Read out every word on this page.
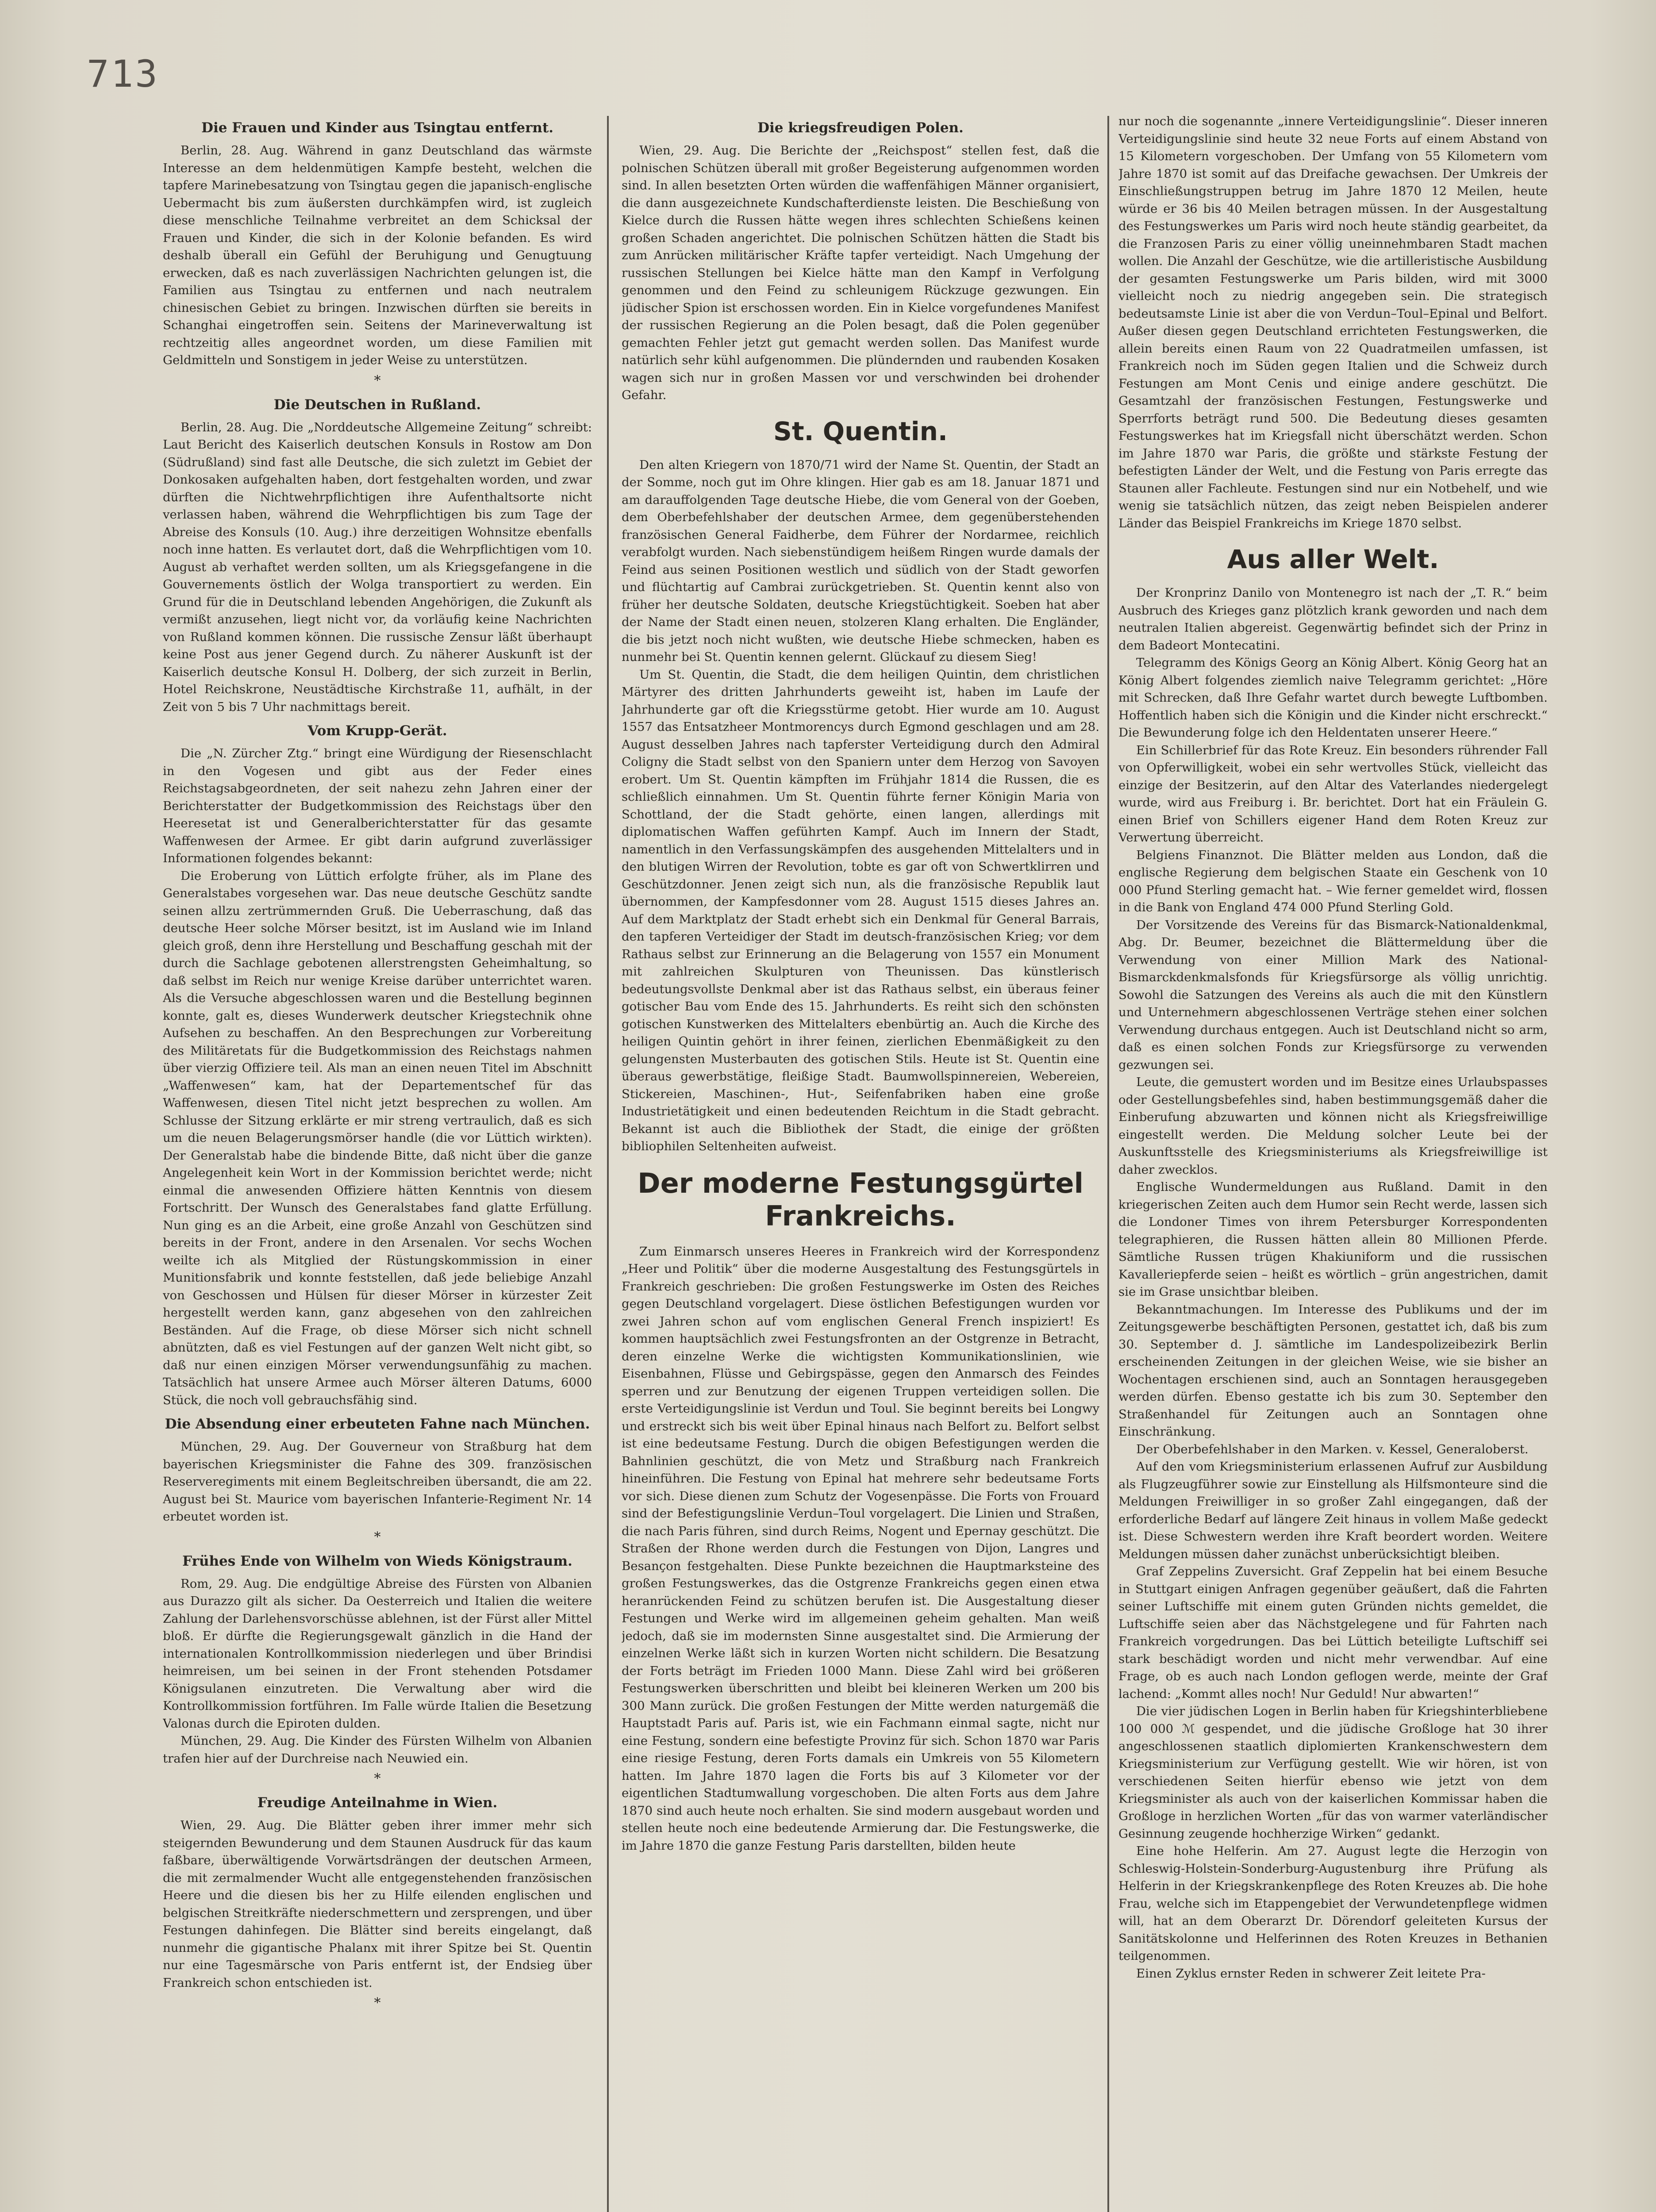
713
Die Frauen und Kinder aus Tsingtau entfernt.

Berlin, 28. Aug. Während in ganz Deutschland das wärmste Interesse an dem heldenmütigen Kampfe besteht, welchen die tapfere Marinebesatzung von Tsingtau gegen die japanisch-englische Uebermacht bis zum äußersten durchkämpfen wird, ist zugleich diese menschliche Teilnahme verbreitet an dem Schicksal der Frauen und Kinder, die sich in der Kolonie befanden. Es wird deshalb überall ein Gefühl der Beruhigung und Genugtuung erwecken, daß es nach zuverlässigen Nachrichten gelungen ist, die Familien aus Tsingtau zu entfernen und nach neutralem chinesischen Gebiet zu bringen. Inzwischen dürften sie bereits in Schanghai eingetroffen sein. Seitens der Marineverwaltung ist rechtzeitig alles angeordnet worden, um diese Familien mit Geldmitteln und Sonstigem in jeder Weise zu unterstützen.

*
Die Deutschen in Rußland.

Berlin, 28. Aug. Die „Norddeutsche Allgemeine Zeitung“ schreibt: Laut Bericht des Kaiserlich deutschen Konsuls in Rostow am Don (Südrußland) sind fast alle Deutsche, die sich zuletzt im Gebiet der Donkosaken aufgehalten haben, dort festgehalten worden, und zwar dürften die Nichtwehrpflichtigen ihre Aufenthaltsorte nicht verlassen haben, während die Wehrpflichtigen bis zum Tage der Abreise des Konsuls (10. Aug.) ihre derzeitigen Wohnsitze ebenfalls noch inne hatten. Es verlautet dort, daß die Wehrpflichtigen vom 10. August ab verhaftet werden sollten, um als Kriegsgefangene in die Gouvernements östlich der Wolga transportiert zu werden. Ein Grund für die in Deutschland lebenden Angehörigen, die Zukunft als vermißt anzusehen, liegt nicht vor, da vorläufig keine Nachrichten von Rußland kommen können. Die russische Zensur läßt überhaupt keine Post aus jener Gegend durch. Zu näherer Auskunft ist der Kaiserlich deutsche Konsul H. Dolberg, der sich zurzeit in Berlin, Hotel Reichskrone, Neustädtische Kirchstraße 11, aufhält, in der Zeit von 5 bis 7 Uhr nachmittags bereit.

Vom Krupp-Gerät.

Die „N. Zürcher Ztg.“ bringt eine Würdigung der Riesenschlacht in den Vogesen und gibt aus der Feder eines Reichstagsabgeordneten, der seit nahezu zehn Jahren einer der Berichterstatter der Budgetkommission des Reichstags über den Heeresetat ist und Generalberichterstatter für das gesamte Waffenwesen der Armee. Er gibt darin aufgrund zuverlässiger Informationen folgendes bekannt:

Die Eroberung von Lüttich erfolgte früher, als im Plane des Generalstabes vorgesehen war. Das neue deutsche Geschütz sandte seinen allzu zertrümmernden Gruß. Die Ueberraschung, daß das deutsche Heer solche Mörser besitzt, ist im Ausland wie im Inland gleich groß, denn ihre Herstellung und Beschaffung geschah mit der durch die Sachlage gebotenen allerstrengsten Geheimhaltung, so daß selbst im Reich nur wenige Kreise darüber unterrichtet waren. Als die Versuche abgeschlossen waren und die Bestellung beginnen konnte, galt es, dieses Wunderwerk deutscher Kriegstechnik ohne Aufsehen zu beschaffen. An den Besprechungen zur Vorbereitung des Militäretats für die Budgetkommission des Reichstags nahmen über vierzig Offiziere teil. Als man an einen neuen Titel im Abschnitt „Waffenwesen“ kam, hat der Departementschef für das Waffenwesen, diesen Titel nicht jetzt besprechen zu wollen. Am Schlusse der Sitzung erklärte er mir streng vertraulich, daß es sich um die neuen Belagerungsmörser handle (die vor Lüttich wirkten). Der Generalstab habe die bindende Bitte, daß nicht über die ganze Angelegenheit kein Wort in der Kommission berichtet werde; nicht einmal die anwesenden Offiziere hätten Kenntnis von diesem Fortschritt. Der Wunsch des Generalstabes fand glatte Erfüllung. Nun ging es an die Arbeit, eine große Anzahl von Geschützen sind bereits in der Front, andere in den Arsenalen. Vor sechs Wochen weilte ich als Mitglied der Rüstungskommission in einer Munitionsfabrik und konnte feststellen, daß jede beliebige Anzahl von Geschossen und Hülsen für dieser Mörser in kürzester Zeit hergestellt werden kann, ganz abgesehen von den zahlreichen Beständen. Auf die Frage, ob diese Mörser sich nicht schnell abnützten, daß es viel Festungen auf der ganzen Welt nicht gibt, so daß nur einen einzigen Mörser verwendungsunfähig zu machen. Tatsächlich hat unsere Armee auch Mörser älteren Datums, 6000 Stück, die noch voll gebrauchsfähig sind.

Die Absendung einer erbeuteten Fahne nach München.

München, 29. Aug. Der Gouverneur von Straßburg hat dem bayerischen Kriegsminister die Fahne des 309. französischen Reserveregiments mit einem Begleitschreiben übersandt, die am 22. August bei St. Maurice vom bayerischen Infanterie-Regiment Nr. 14 erbeutet worden ist.

*
Frühes Ende von Wilhelm von Wieds Königstraum.

Rom, 29. Aug. Die endgültige Abreise des Fürsten von Albanien aus Durazzo gilt als sicher. Da Oesterreich und Italien die weitere Zahlung der Darlehensvorschüsse ablehnen, ist der Fürst aller Mittel bloß. Er dürfte die Regierungsgewalt gänzlich in die Hand der internationalen Kontrollkommission niederlegen und über Brindisi heimreisen, um bei seinen in der Front stehenden Potsdamer Königsulanen einzutreten. Die Verwaltung aber wird die Kontrollkommission fortführen. Im Falle würde Italien die Besetzung Valonas durch die Epiroten dulden.

München, 29. Aug. Die Kinder des Fürsten Wilhelm von Albanien trafen hier auf der Durchreise nach Neuwied ein.

*
Freudige Anteilnahme in Wien.

Wien, 29. Aug. Die Blätter geben ihrer immer mehr sich steigernden Bewunderung und dem Staunen Ausdruck für das kaum faßbare, überwältigende Vorwärtsdrängen der deutschen Armeen, die mit zermalmender Wucht alle entgegenstehenden französischen Heere und die diesen bis her zu Hilfe eilenden englischen und belgischen Streitkräfte niederschmettern und zersprengen, und über Festungen dahinfegen. Die Blätter sind bereits eingelangt, daß nunmehr die gigantische Phalanx mit ihrer Spitze bei St. Quentin nur eine Tagesmärsche von Paris entfernt ist, der Endsieg über Frankreich schon entschieden ist.

*
Die kriegsfreudigen Polen.

Wien, 29. Aug. Die Berichte der „Reichspost“ stellen fest, daß die polnischen Schützen überall mit großer Begeisterung aufgenommen worden sind. In allen besetzten Orten würden die waffenfähigen Männer organisiert, die dann ausgezeichnete Kundschafterdienste leisten. Die Beschießung von Kielce durch die Russen hätte wegen ihres schlechten Schießens keinen großen Schaden angerichtet. Die polnischen Schützen hätten die Stadt bis zum Anrücken militärischer Kräfte tapfer verteidigt. Nach Umgehung der russischen Stellungen bei Kielce hätte man den Kampf in Verfolgung genommen und den Feind zu schleunigem Rückzuge gezwungen. Ein jüdischer Spion ist erschossen worden. Ein in Kielce vorgefundenes Manifest der russischen Regierung an die Polen besagt, daß die Polen gegenüber gemachten Fehler jetzt gut gemacht werden sollen. Das Manifest wurde natürlich sehr kühl aufgenommen. Die plündernden und raubenden Kosaken wagen sich nur in großen Massen vor und verschwinden bei drohender Gefahr.

St. Quentin.

Den alten Kriegern von 1870/71 wird der Name St. Quentin, der Stadt an der Somme, noch gut im Ohre klingen. Hier gab es am 18. Januar 1871 und am darauffolgenden Tage deutsche Hiebe, die vom General von der Goeben, dem Oberbefehlshaber der deutschen Armee, dem gegenüberstehenden französischen General Faidherbe, dem Führer der Nordarmee, reichlich verabfolgt wurden. Nach siebenstündigem heißem Ringen wurde damals der Feind aus seinen Positionen westlich und südlich von der Stadt geworfen und flüchtartig auf Cambrai zurückgetrieben. St. Quentin kennt also von früher her deutsche Soldaten, deutsche Kriegstüchtigkeit. Soeben hat aber der Name der Stadt einen neuen, stolzeren Klang erhalten. Die Engländer, die bis jetzt noch nicht wußten, wie deutsche Hiebe schmecken, haben es nunmehr bei St. Quentin kennen gelernt. Glückauf zu diesem Sieg!

Um St. Quentin, die Stadt, die dem heiligen Quintin, dem christlichen Märtyrer des dritten Jahrhunderts geweiht ist, haben im Laufe der Jahrhunderte gar oft die Kriegsstürme getobt. Hier wurde am 10. August 1557 das Entsatzheer Montmorencys durch Egmond geschlagen und am 28. August desselben Jahres nach tapferster Verteidigung durch den Admiral Coligny die Stadt selbst von den Spaniern unter dem Herzog von Savoyen erobert. Um St. Quentin kämpften im Frühjahr 1814 die Russen, die es schließlich einnahmen. Um St. Quentin führte ferner Königin Maria von Schottland, der die Stadt gehörte, einen langen, allerdings mit diplomatischen Waffen geführten Kampf. Auch im Innern der Stadt, namentlich in den Verfassungskämpfen des ausgehenden Mittelalters und in den blutigen Wirren der Revolution, tobte es gar oft von Schwertklirren und Geschützdonner. Jenen zeigt sich nun, als die französische Republik laut übernommen, der Kampfesdonner vom 28. August 1515 dieses Jahres an. Auf dem Marktplatz der Stadt erhebt sich ein Denkmal für General Barrais, den tapferen Verteidiger der Stadt im deutsch-französischen Krieg; vor dem Rathaus selbst zur Erinnerung an die Belagerung von 1557 ein Monument mit zahlreichen Skulpturen von Theunissen. Das künstlerisch bedeutungsvollste Denkmal aber ist das Rathaus selbst, ein überaus feiner gotischer Bau vom Ende des 15. Jahrhunderts. Es reiht sich den schönsten gotischen Kunstwerken des Mittelalters ebenbürtig an. Auch die Kirche des heiligen Quintin gehört in ihrer feinen, zierlichen Ebenmäßigkeit zu den gelungensten Musterbauten des gotischen Stils. Heute ist St. Quentin eine überaus gewerbstätige, fleißige Stadt. Baumwollspinnereien, Webereien, Stickereien, Maschinen-, Hut-, Seifenfabriken haben eine große Industrietätigkeit und einen bedeutenden Reichtum in die Stadt gebracht. Bekannt ist auch die Bibliothek der Stadt, die einige der größten bibliophilen Seltenheiten aufweist.

Der moderne Festungsgürtel Frankreichs.

Zum Einmarsch unseres Heeres in Frankreich wird der Korrespondenz „Heer und Politik“ über die moderne Ausgestaltung des Festungsgürtels in Frankreich geschrieben: Die großen Festungswerke im Osten des Reiches gegen Deutschland vorgelagert. Diese östlichen Befestigungen wurden vor zwei Jahren schon auf vom englischen General French inspiziert! Es kommen hauptsächlich zwei Festungsfronten an der Ostgrenze in Betracht, deren einzelne Werke die wichtigsten Kommunikationslinien, wie Eisenbahnen, Flüsse und Gebirgspässe, gegen den Anmarsch des Feindes sperren und zur Benutzung der eigenen Truppen verteidigen sollen. Die erste Verteidigungslinie ist Verdun und Toul. Sie beginnt bereits bei Longwy und erstreckt sich bis weit über Epinal hinaus nach Belfort zu. Belfort selbst ist eine bedeutsame Festung. Durch die obigen Befestigungen werden die Bahnlinien geschützt, die von Metz und Straßburg nach Frankreich hineinführen. Die Festung von Epinal hat mehrere sehr bedeutsame Forts vor sich. Diese dienen zum Schutz der Vogesenpässe. Die Forts von Frouard sind der Befestigungslinie Verdun–Toul vorgelagert. Die Linien und Straßen, die nach Paris führen, sind durch Reims, Nogent und Epernay geschützt. Die Straßen der Rhone werden durch die Festungen von Dijon, Langres und Besançon festgehalten. Diese Punkte bezeichnen die Hauptmarksteine des großen Festungswerkes, das die Ostgrenze Frankreichs gegen einen etwa heranrückenden Feind zu schützen berufen ist. Die Ausgestaltung dieser Festungen und Werke wird im allgemeinen geheim gehalten. Man weiß jedoch, daß sie im modernsten Sinne ausgestaltet sind. Die Armierung der einzelnen Werke läßt sich in kurzen Worten nicht schildern. Die Besatzung der Forts beträgt im Frieden 1000 Mann. Diese Zahl wird bei größeren Festungswerken überschritten und bleibt bei kleineren Werken um 200 bis 300 Mann zurück. Die großen Festungen der Mitte werden naturgemäß die Hauptstadt Paris auf. Paris ist, wie ein Fachmann einmal sagte, nicht nur eine Festung, sondern eine befestigte Provinz für sich. Schon 1870 war Paris eine riesige Festung, deren Forts damals ein Umkreis von 55 Kilometern hatten. Im Jahre 1870 lagen die Forts bis auf 3 Kilometer vor der eigentlichen Stadtumwallung vorgeschoben. Die alten Forts aus dem Jahre 1870 sind auch heute noch erhalten. Sie sind modern ausgebaut worden und stellen heute noch eine bedeutende Armierung dar. Die Festungswerke, die im Jahre 1870 die ganze Festung Paris darstellten, bilden heute

nur noch die sogenannte „innere Verteidigungslinie“. Dieser inneren Verteidigungslinie sind heute 32 neue Forts auf einem Abstand von 15 Kilometern vorgeschoben. Der Umfang von 55 Kilometern vom Jahre 1870 ist somit auf das Dreifache gewachsen. Der Umkreis der Einschließungstruppen betrug im Jahre 1870 12 Meilen, heute würde er 36 bis 40 Meilen betragen müssen. In der Ausgestaltung des Festungswerkes um Paris wird noch heute ständig gearbeitet, da die Franzosen Paris zu einer völlig uneinnehmbaren Stadt machen wollen. Die Anzahl der Geschütze, wie die artilleristische Ausbildung der gesamten Festungswerke um Paris bilden, wird mit 3000 vielleicht noch zu niedrig angegeben sein. Die strategisch bedeutsamste Linie ist aber die von Verdun–Toul–Epinal und Belfort. Außer diesen gegen Deutschland errichteten Festungswerken, die allein bereits einen Raum von 22 Quadratmeilen umfassen, ist Frankreich noch im Süden gegen Italien und die Schweiz durch Festungen am Mont Cenis und einige andere geschützt. Die Gesamtzahl der französischen Festungen, Festungswerke und Sperrforts beträgt rund 500. Die Bedeutung dieses gesamten Festungswerkes hat im Kriegsfall nicht überschätzt werden. Schon im Jahre 1870 war Paris, die größte und stärkste Festung der befestigten Länder der Welt, und die Festung von Paris erregte das Staunen aller Fachleute. Festungen sind nur ein Notbehelf, und wie wenig sie tatsächlich nützen, das zeigt neben Beispielen anderer Länder das Beispiel Frankreichs im Kriege 1870 selbst.

Aus aller Welt.

Der Kronprinz Danilo von Montenegro ist nach der „T. R.“ beim Ausbruch des Krieges ganz plötzlich krank geworden und nach dem neutralen Italien abgereist. Gegenwärtig befindet sich der Prinz in dem Badeort Montecatini.

Telegramm des Königs Georg an König Albert. König Georg hat an König Albert folgendes ziemlich naive Telegramm gerichtet: „Höre mit Schrecken, daß Ihre Gefahr wartet durch bewegte Luftbomben. Hoffentlich haben sich die Königin und die Kinder nicht erschreckt.“ Die Bewunderung folge ich den Heldentaten unserer Heere.“

Ein Schillerbrief für das Rote Kreuz. Ein besonders rührender Fall von Opferwilligkeit, wobei ein sehr wertvolles Stück, vielleicht das einzige der Besitzerin, auf den Altar des Vaterlandes niedergelegt wurde, wird aus Freiburg i. Br. berichtet. Dort hat ein Fräulein G. einen Brief von Schillers eigener Hand dem Roten Kreuz zur Verwertung überreicht.

Belgiens Finanznot. Die Blätter melden aus London, daß die englische Regierung dem belgischen Staate ein Geschenk von 10 000 Pfund Sterling gemacht hat. – Wie ferner gemeldet wird, flossen in die Bank von England 474 000 Pfund Sterling Gold.

Der Vorsitzende des Vereins für das Bismarck-Nationaldenkmal, Abg. Dr. Beumer, bezeichnet die Blättermeldung über die Verwendung von einer Million Mark des National-Bismarckdenkmalsfonds für Kriegsfürsorge als völlig unrichtig. Sowohl die Satzungen des Vereins als auch die mit den Künstlern und Unternehmern abgeschlossenen Verträge stehen einer solchen Verwendung durchaus entgegen. Auch ist Deutschland nicht so arm, daß es einen solchen Fonds zur Kriegsfürsorge zu verwenden gezwungen sei.

Leute, die gemustert worden und im Besitze eines Urlaubspasses oder Gestellungsbefehles sind, haben bestimmungsgemäß daher die Einberufung abzuwarten und können nicht als Kriegsfreiwillige eingestellt werden. Die Meldung solcher Leute bei der Auskunftsstelle des Kriegsministeriums als Kriegsfreiwillige ist daher zwecklos.

Englische Wundermeldungen aus Rußland. Damit in den kriegerischen Zeiten auch dem Humor sein Recht werde, lassen sich die Londoner Times von ihrem Petersburger Korrespondenten telegraphieren, die Russen hätten allein 80 Millionen Pferde. Sämtliche Russen trügen Khakiuniform und die russischen Kavalleriepferde seien – heißt es wörtlich – grün angestrichen, damit sie im Grase unsichtbar bleiben.

Bekanntmachungen. Im Interesse des Publikums und der im Zeitungsgewerbe beschäftigten Personen, gestattet ich, daß bis zum 30. September d. J. sämtliche im Landespolizeibezirk Berlin erscheinenden Zeitungen in der gleichen Weise, wie sie bisher an Wochentagen erschienen sind, auch an Sonntagen herausgegeben werden dürfen. Ebenso gestatte ich bis zum 30. September den Straßenhandel für Zeitungen auch an Sonntagen ohne Einschränkung.

Der Oberbefehlshaber in den Marken. v. Kessel, Generaloberst.

Auf den vom Kriegsministerium erlassenen Aufruf zur Ausbildung als Flugzeugführer sowie zur Einstellung als Hilfsmonteure sind die Meldungen Freiwilliger in so großer Zahl eingegangen, daß der erforderliche Bedarf auf längere Zeit hinaus in vollem Maße gedeckt ist. Diese Schwestern werden ihre Kraft beordert worden. Weitere Meldungen müssen daher zunächst unberücksichtigt bleiben.

Graf Zeppelins Zuversicht. Graf Zeppelin hat bei einem Besuche in Stuttgart einigen Anfragen gegenüber geäußert, daß die Fahrten seiner Luftschiffe mit einem guten Gründen nichts gemeldet, die Luftschiffe seien aber das Nächstgelegene und für Fahrten nach Frankreich vorgedrungen. Das bei Lüttich beteiligte Luftschiff sei stark beschädigt worden und nicht mehr verwendbar. Auf eine Frage, ob es auch nach London geflogen werde, meinte der Graf lachend: „Kommt alles noch! Nur Geduld! Nur abwarten!“

Die vier jüdischen Logen in Berlin haben für Kriegshinterbliebene 100 000 ℳ gespendet, und die jüdische Großloge hat 30 ihrer angeschlossenen staatlich diplomierten Krankenschwestern dem Kriegsministerium zur Verfügung gestellt. Wie wir hören, ist von verschiedenen Seiten hierfür ebenso wie jetzt von dem Kriegsminister als auch von der kaiserlichen Kommissar haben die Großloge in herzlichen Worten „für das von warmer vaterländischer Gesinnung zeugende hochherzige Wirken“ gedankt.

Eine hohe Helferin. Am 27. August legte die Herzogin von Schleswig-Holstein-Sonderburg-Augustenburg ihre Prüfung als Helferin in der Kriegskrankenpflege des Roten Kreuzes ab. Die hohe Frau, welche sich im Etappengebiet der Verwundetenpflege widmen will, hat an dem Oberarzt Dr. Dörendorf geleiteten Kursus der Sanitätskolonne und Helferinnen des Roten Kreuzes in Bethanien teilgenommen.

Einen Zyklus ernster Reden in schwerer Zeit leitete Pra-
